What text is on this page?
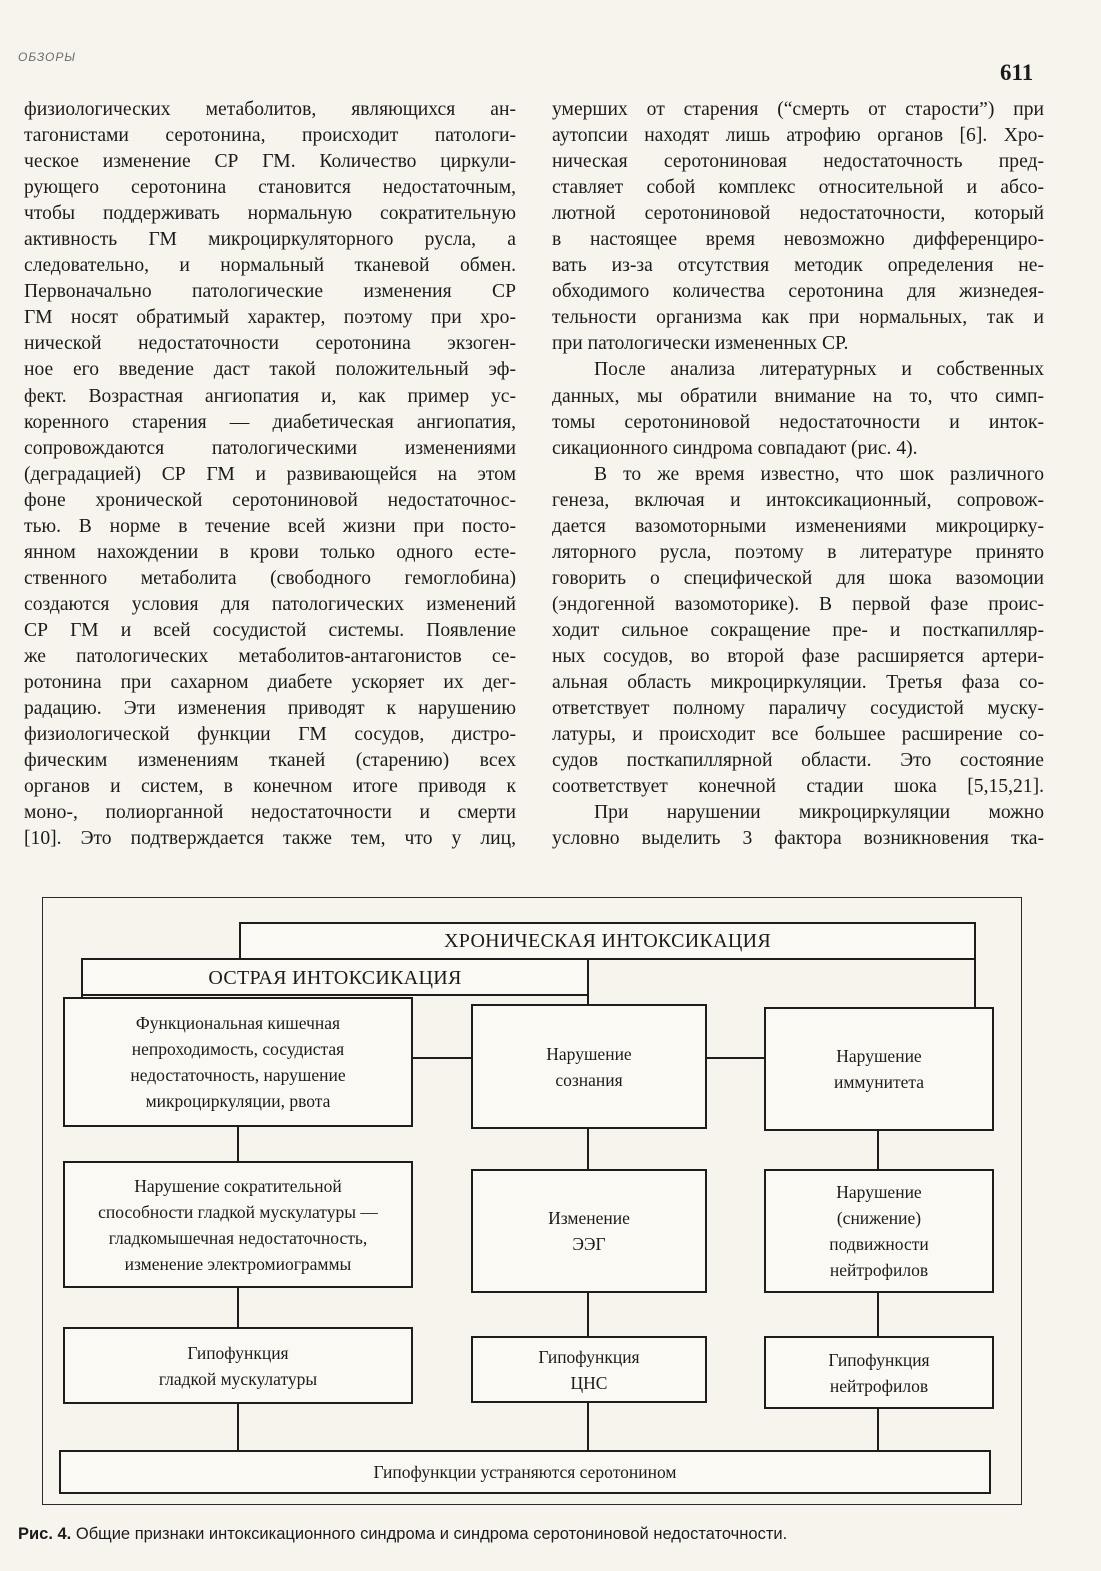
ОБЗОРЫ
611
физиологических метаболитов, являющихся ан-
тагонистами серотонина, происходит патологи-
ческое изменение СР ГМ. Количество циркули-
рующего серотонина становится недостаточным,
чтобы поддерживать нормальную сократительную
активность ГМ микроциркуляторного русла, а
следовательно, и нормальный тканевой обмен.
Первоначально патологические изменения СР
ГМ носят обратимый характер, поэтому при хро-
нической недостаточности серотонина экзоген-
ное его введение даст такой положительный эф-
фект. Возрастная ангиопатия и, как пример ус-
коренного старения — диабетическая ангиопатия,
сопровождаются патологическими изменениями
(деградацией) СР ГМ и развивающейся на этом
фоне хронической серотониновой недостаточнос-
тью. В норме в течение всей жизни при посто-
янном нахождении в крови только одного есте-
ственного метаболита (свободного гемоглобина)
создаются условия для патологических изменений
СР ГМ и всей сосудистой системы. Появление
же патологических метаболитов-антагонистов се-
ротонина при сахарном диабете ускоряет их дег-
радацию. Эти изменения приводят к нарушению
физиологической функции ГМ сосудов, дистро-
фическим изменениям тканей (старению) всех
органов и систем, в конечном итоге приводя к
моно-, полиорганной недостаточности и смерти
[10]. Это подтверждается также тем, что у лиц,
умерших от старения (“смерть от старости”) при
аутопсии находят лишь атрофию органов [6]. Хро-
ническая серотониновая недостаточность пред-
ставляет собой комплекс относительной и абсо-
лютной серотониновой недостаточности, который
в настоящее время невозможно дифференциро-
вать из-за отсутствия методик определения не-
обходимого количества серотонина для жизнедея-
тельности организма как при нормальных, так и
при патологически измененных СР.
После анализа литературных и собственных
данных, мы обратили внимание на то, что симп-
томы серотониновой недостаточности и инток-
сикационного синдрома совпадают (рис. 4).
В то же время известно, что шок различного
генеза, включая и интоксикационный, сопровож-
дается вазомоторными изменениями микроцирку-
ляторного русла, поэтому в литературе принято
говорить о специфической для шока вазомоции
(эндогенной вазомоторике). В первой фазе проис-
ходит сильное сокращение пре- и посткапилляр-
ных сосудов, во второй фазе расширяется артери-
альная область микроциркуляции. Третья фаза со-
ответствует полному параличу сосудистой муску-
латуры, и происходит все большее расширение со-
судов посткапиллярной области. Это состояние
соответствует конечной стадии шока [5,15,21].
При нарушении микроциркуляции можно
условно выделить 3 фактора возникновения тка-
ХРОНИЧЕСКАЯ ИНТОКСИКАЦИЯ
ОСТРАЯ ИНТОКСИКАЦИЯ
Функциональная кишечная
непроходимость, сосудистая
недостаточность, нарушение
микроциркуляции, рвота
Нарушение
сознания
Нарушение
иммунитета
Нарушение сократительной
способности гладкой мускулатуры —
гладкомышечная недостаточность,
изменение электромиограммы
Изменение
ЭЭГ
Нарушение
(снижение)
подвижности
нейтрофилов
Гипофункция
гладкой мускулатуры
Гипофункция
ЦНС
Гипофункция
нейтрофилов
Гипофункции устраняются серотонином
Рис. 4. Общие признаки интоксикационного синдрома и синдрома серотониновой недостаточности.
